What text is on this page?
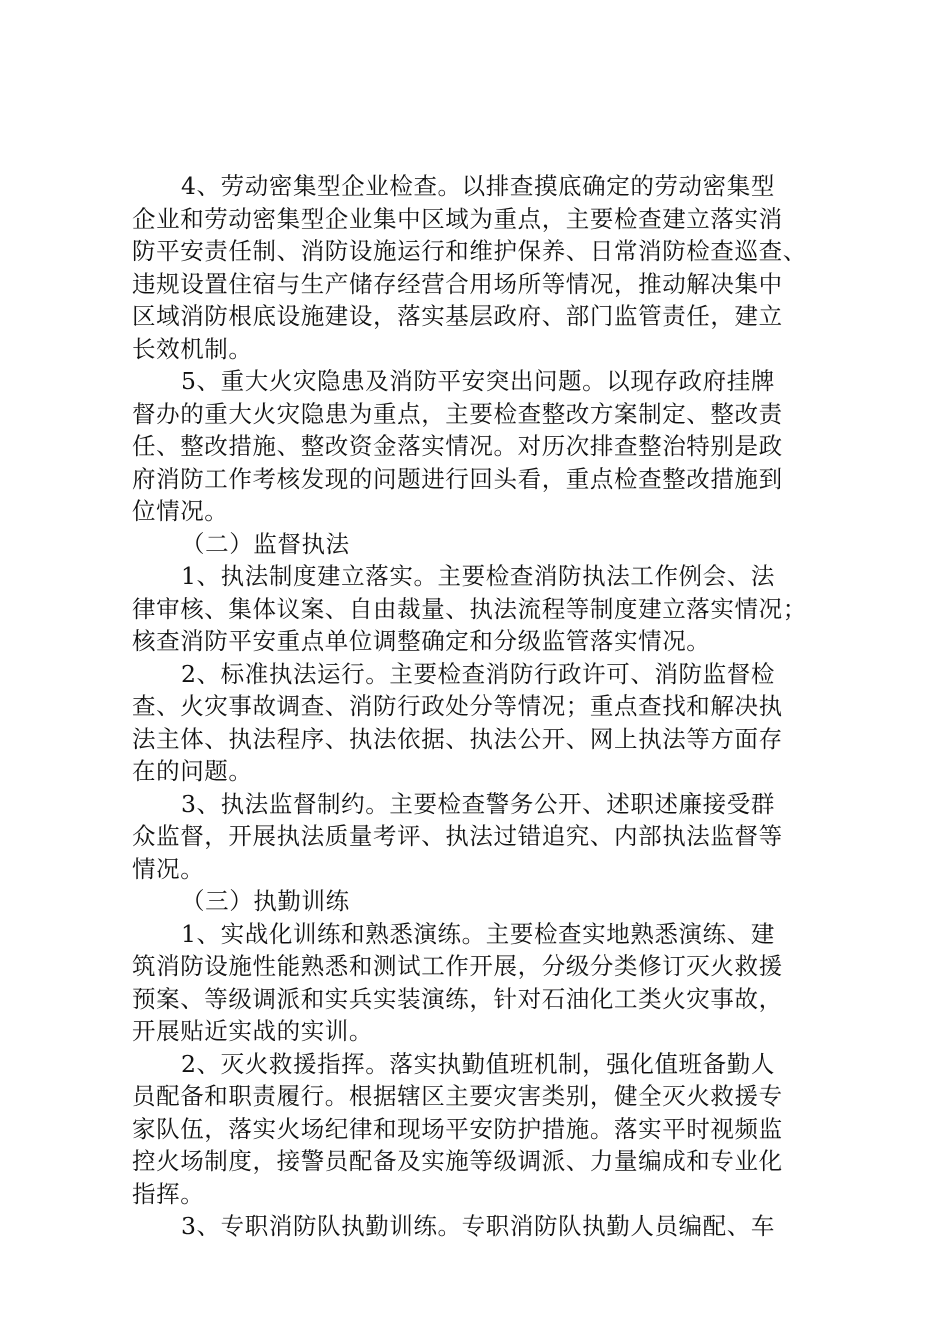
4、劳动密集型企业检查。以排查摸底确定的劳动密集型
企业和劳动密集型企业集中区域为重点，主要检查建立落实消
防平安责任制、消防设施运行和维护保养、日常消防检查巡查、
违规设置住宿与生产储存经营合用场所等情况，推动解决集中
区域消防根底设施建设，落实基层政府、部门监管责任，建立
长效机制。
5、重大火灾隐患及消防平安突出问题。以现存政府挂牌
督办的重大火灾隐患为重点，主要检查整改方案制定、整改责
任、整改措施、整改资金落实情况。对历次排查整治特别是政
府消防工作考核发现的问题进行回头看，重点检查整改措施到
位情况。
（二）监督执法
1、执法制度建立落实。主要检查消防执法工作例会、法
律审核、集体议案、自由裁量、执法流程等制度建立落实情况；
核查消防平安重点单位调整确定和分级监管落实情况。
2、标准执法运行。主要检查消防行政许可、消防监督检
查、火灾事故调查、消防行政处分等情况；重点查找和解决执
法主体、执法程序、执法依据、执法公开、网上执法等方面存
在的问题。
3、执法监督制约。主要检查警务公开、述职述廉接受群
众监督，开展执法质量考评、执法过错追究、内部执法监督等
情况。
（三）执勤训练
1、实战化训练和熟悉演练。主要检查实地熟悉演练、建
筑消防设施性能熟悉和测试工作开展，分级分类修订灭火救援
预案、等级调派和实兵实装演练，针对石油化工类火灾事故，
开展贴近实战的实训。
2、灭火救援指挥。落实执勤值班机制，强化值班备勤人
员配备和职责履行。根据辖区主要灾害类别，健全灭火救援专
家队伍，落实火场纪律和现场平安防护措施。落实平时视频监
控火场制度，接警员配备及实施等级调派、力量编成和专业化
指挥。
3、专职消防队执勤训练。专职消防队执勤人员编配、车
